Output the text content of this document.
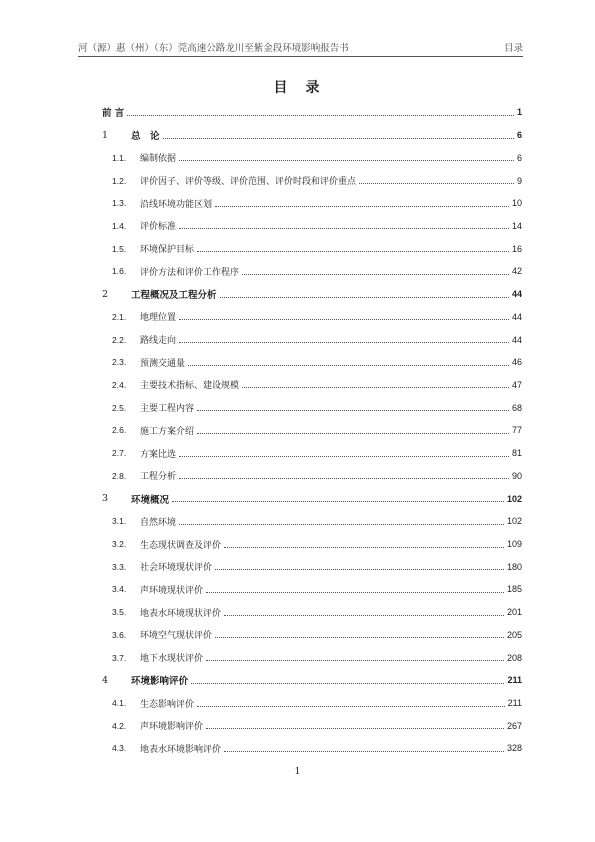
河（源）惠（州）（东）莞高速公路龙川至紫金段环境影响报告书	目录
目　录
前 言	1
1	总　论	6
1.1.	编制依据	6
1.2.	评价因子、评价等级、评价范围、评价时段和评价重点	9
1.3.	沿线环境功能区划	10
1.4.	评价标准	14
1.5.	环境保护目标	16
1.6.	评价方法和评价工作程序	42
2	工程概况及工程分析	44
2.1.	地理位置	44
2.2.	路线走向	44
2.3.	预测交通量	46
2.4.	主要技术指标、建设规模	47
2.5.	主要工程内容	68
2.6.	施工方案介绍	77
2.7.	方案比选	81
2.8.	工程分析	90
3	环境概况	102
3.1.	自然环境	102
3.2.	生态现状调查及评价	109
3.3.	社会环境现状评价	180
3.4.	声环境现状评价	185
3.5.	地表水环境现状评价	201
3.6.	环境空气现状评价	205
3.7.	地下水现状评价	208
4	环境影响评价	211
4.1.	生态影响评价	211
4.2.	声环境影响评价	267
4.3.	地表水环境影响评价	328
1
